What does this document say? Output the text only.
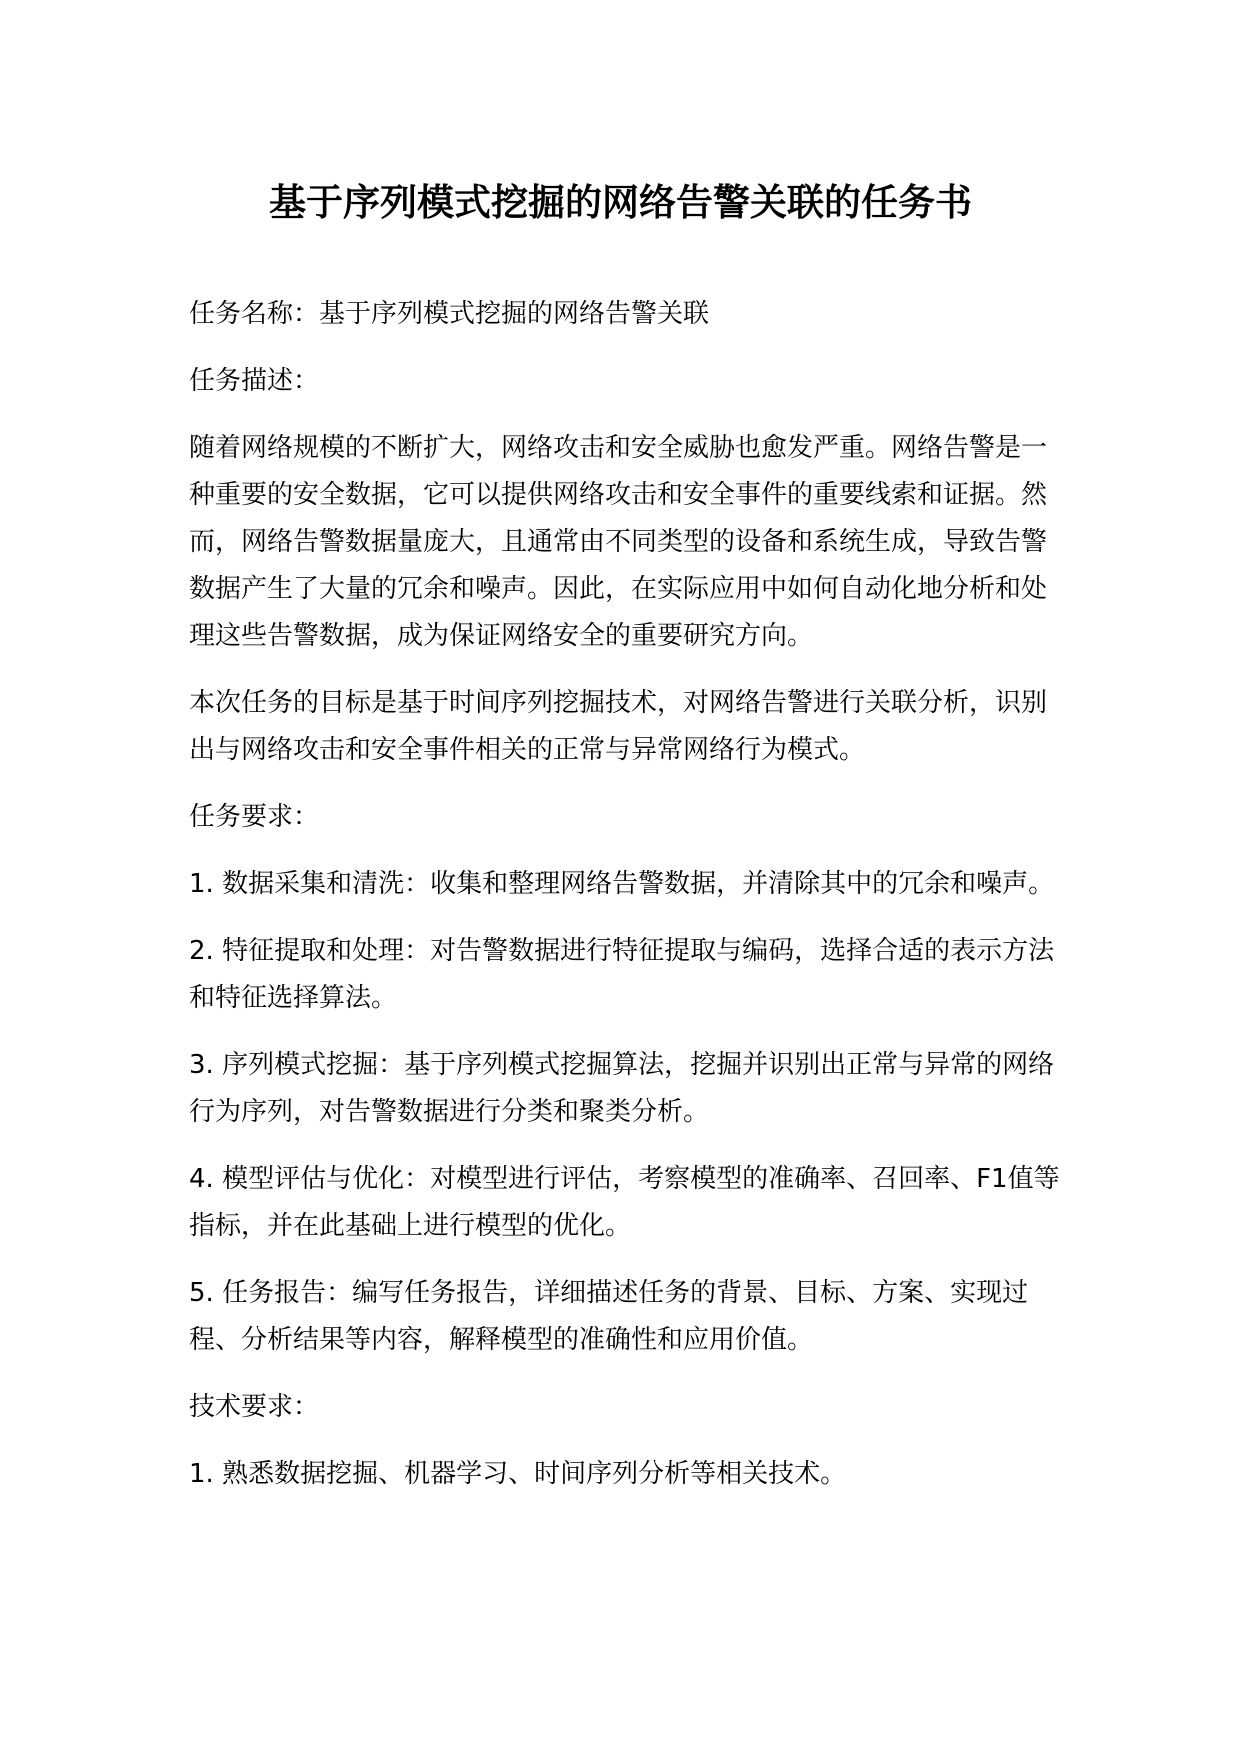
基于序列模式挖掘的网络告警关联的任务书

任务名称：基于序列模式挖掘的网络告警关联

任务描述：

随着网络规模的不断扩大，网络攻击和安全威胁也愈发严重。网络告警是一种重要的安全数据，它可以提供网络攻击和安全事件的重要线索和证据。然而，网络告警数据量庞大，且通常由不同类型的设备和系统生成，导致告警数据产生了大量的冗余和噪声。因此，在实际应用中如何自动化地分析和处理这些告警数据，成为保证网络安全的重要研究方向。

本次任务的目标是基于时间序列挖掘技术，对网络告警进行关联分析，识别出与网络攻击和安全事件相关的正常与异常网络行为模式。

任务要求：

1. 数据采集和清洗：收集和整理网络告警数据，并清除其中的冗余和噪声。

2. 特征提取和处理：对告警数据进行特征提取与编码，选择合适的表示方法和特征选择算法。

3. 序列模式挖掘：基于序列模式挖掘算法，挖掘并识别出正常与异常的网络行为序列，对告警数据进行分类和聚类分析。

4. 模型评估与优化：对模型进行评估，考察模型的准确率、召回率、F1值等指标，并在此基础上进行模型的优化。

5. 任务报告：编写任务报告，详细描述任务的背景、目标、方案、实现过程、分析结果等内容，解释模型的准确性和应用价值。

技术要求：

1. 熟悉数据挖掘、机器学习、时间序列分析等相关技术。
